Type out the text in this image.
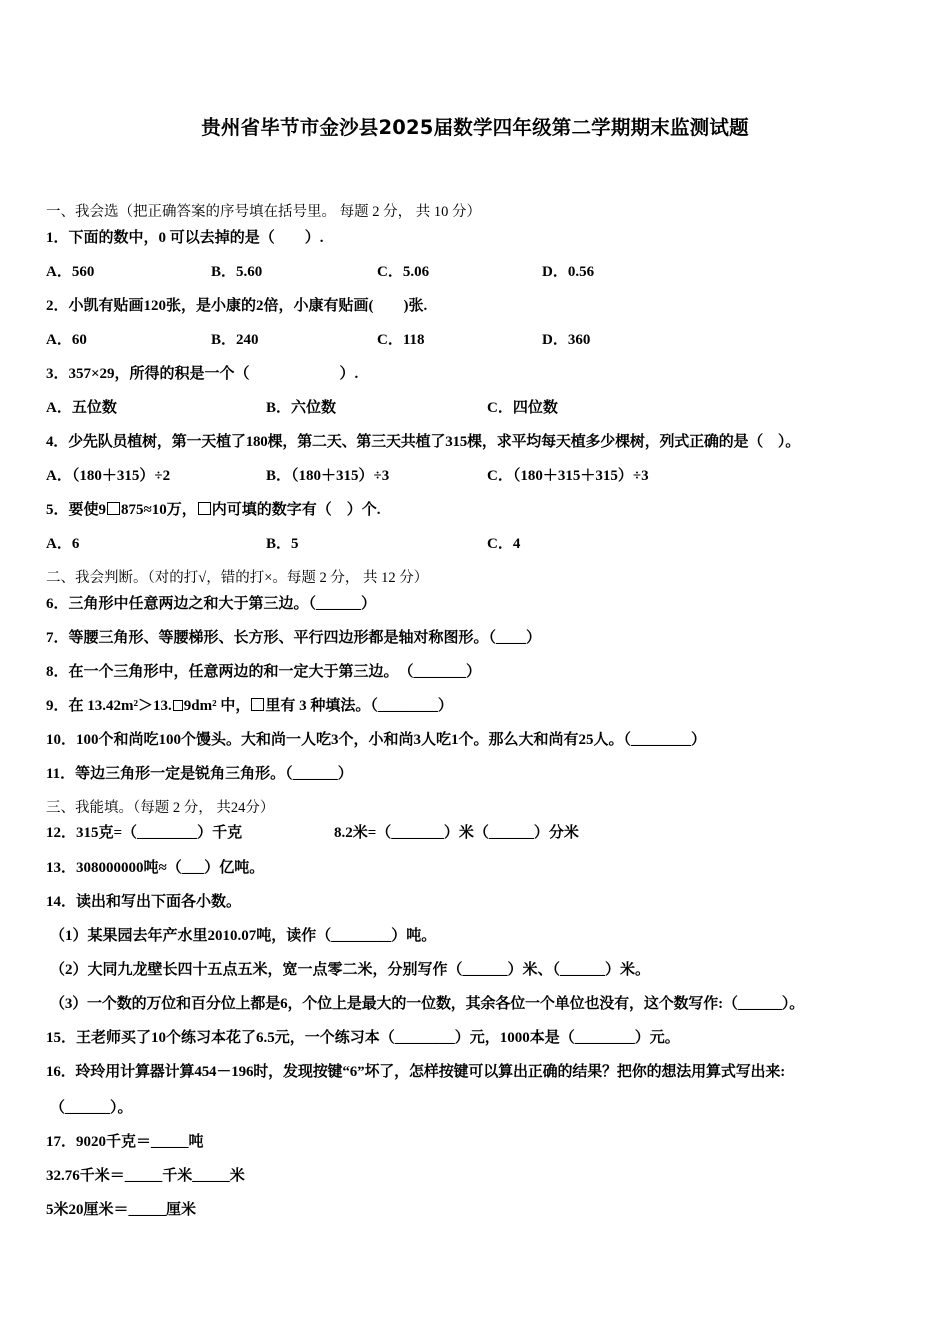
贵州省毕节市金沙县2025届数学四年级第二学期期末监测试题
一、我会选（把正确答案的序号填在括号里。 每题 2 分， 共 10 分）
1．下面的数中，0 可以去掉的是（　　）.
A．560	B．5.60	C．5.06	D．0.56
2．小凯有贴画120张，是小康的2倍，小康有贴画(　　)张.
A．60	B．240	C．118	D．360
3．357×29，所得的积是一个（　　　　　　）.
A．五位数	B．六位数	C．四位数
4．少先队员植树，第一天植了180棵，第二天、第三天共植了315棵，求平均每天植多少棵树，列式正确的是（　）。
A．（180＋315）÷2	B．（180＋315）÷3	C．（180＋315＋315）÷3
5．要使9 875≈10万， 内可填的数字有（　）个.
A．6	B．5	C．4
二、我会判断。（对的打√，错的打×。每题 2 分， 共 12 分）
6．三角形中任意两边之和大于第三边。（______）
7．等腰三角形、等腰梯形、长方形、平行四边形都是轴对称图形。（____）
8．在一个三角形中，任意两边的和一定大于第三边。　（_______）
9．在 13.42m²＞13. 9dm² 中， 里有 3 种填法。（________）
10．100个和尚吃100个馒头。大和尚一人吃3个，小和尚3人吃1个。那么大和尚有25人。（________）
11．等边三角形一定是锐角三角形。（______）
三、我能填。（每题 2 分， 共24分）
12．315克=（________）千克	8.2米=（_______）米（______）分米
13．308000000吨≈（___）亿吨。
14．读出和写出下面各小数。
（1）某果园去年产水里2010.07吨，读作（________）吨。
（2）大同九龙壁长四十五点五米，宽一点零二米，分别写作（______）米、（______）米。
（3）一个数的万位和百分位上都是6，个位上是最大的一位数，其余各位一个单位也没有，这个数写作:（______）。
15．王老师买了10个练习本花了6.5元，一个练习本（________）元，1000本是（________）元。
16．玲玲用计算器计算454－196时，发现按键“6”坏了，怎样按键可以算出正确的结果？把你的想法用算式写出来:
（______）。
17．9020千克＝_____吨
32.76千米＝_____千米_____米
5米20厘米＝_____厘米
